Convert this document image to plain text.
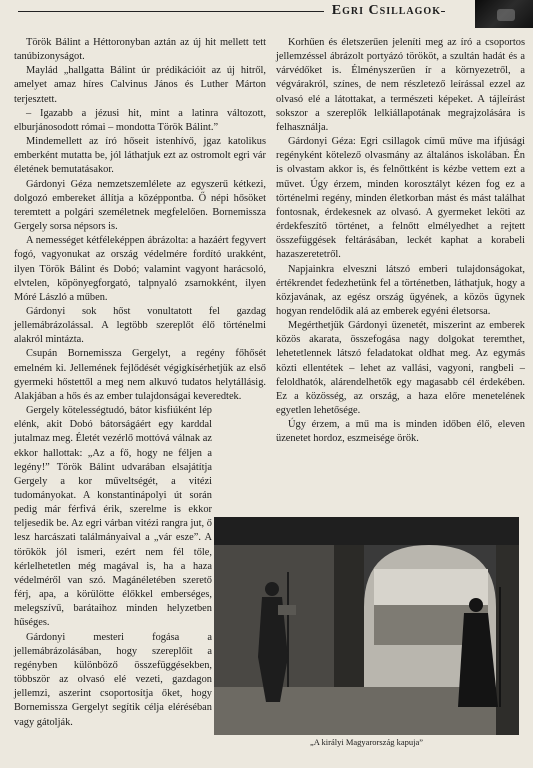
Egri Csillagok

Török Bálint a Héttoronyban aztán az új hit mellett tett tanúbizonyságot.

Maylád „hallgatta Bálint úr prédikációit az új hitről, amelyet amaz híres Calvinus János és Luther Márton terjesztett.

– Igazabb a jézusi hit, mint a latinra változott, elburjánosodott római – mondotta Török Bálint.”

Mindemellett az író hőseit istenhívő, jgaz katolikus emberként mutatta be, jól láthatjuk ezt az ostromolt egri vár életének bemutatásakor.

Gárdonyi Géza nemzetszemlélete az egyszerű kétkezi, dolgozó embereket állítja a középpontba. Ő népi hősöket teremtett a polgári személetnek megfelelően. Bornemissza Gergely sorsa népsors is.

A nemességet kétféleképpen ábrázolta: a hazáért fegyvert fogó, vagyonukat az ország védelmére fordító urakként, ilyen Török Bálint és Dobó; valamint vagyont harácsoló, elvtelen, köpönyegforgató, talpnyaló zsarnokként, ilyen Móré László a műben.

Gárdonyi sok hőst vonultatott fel gazdag jellemábrázolással. A legtöbb szereplőt élő történelmi alakról mintázta.

Csupán Bornemissza Gergelyt, a regény főhősét emelném ki. Jellemének fejlődését végigkísérhetjük az első gyermeki hőstettől a meg nem alkuvó tudatos helytállásig. Alakjában a hős és az ember tulajdonságai keveredtek.

Gergely kötelességtudó, bátor kisfiúként lép elénk, akit Dobó bátorságáért egy karddal jutalmaz meg. Életét vezérlő mottóvá válnak az ekkor hallottak: „Az a fő, hogy ne féljen a legény!” Török Bálint udvarában elsajátítja Gergely a kor műveltségét, a vitézi tudományokat. A konstantinápolyi út során pedig már férfivá érik, szerelme is ekkor teljesedik be. Az egri várban vitézi rangra jut, ő lesz harcászati találmányaival a „vár esze”. A törökök jól ismeri, ezért nem fél tőle, kérlelhetetlen még magával is, ha a haza védelméről van szó. Magánéletében szerető férj, apa, a körülötte élőkkel emberséges, melegszívű, barátaihoz minden helyzetben hűséges.

Gárdonyi mesteri fogása a jellemábrázolásában, hogy szereplőit a regényben különböző összefüggésekben, többször az olvasó elé vezeti, gazdagon jellemzi, aszerint csoportosítja őket, hogy Bornemissza Gergelyt segítik célja eléréséban vagy gátolják.

Korhűen és életszerűen jeleníti meg az író a csoportos jellemzéssel ábrázolt portyázó törököt, a szultán hadát és a várvédőket is. Élményszerűen ír a környezetről, a végvárakról, színes, de nem részletező leírással ezzel az olvasó elé a látottakat, a természeti képeket. A tájleírást sokszor a szereplők lelkiállapotának megrajzolására is felhasználja.

Gárdonyi Géza: Egri csillagok című műve ma ifjúsági regényként kötelező olvasmány az általános iskolában. Én is olvastam akkor is, és felnőttként is kézbe vettem ezt a művet. Úgy érzem, minden korosztályt kézen fog ez a történelmi regény, minden életkorban mást és mást találhat fontosnak, érdekesnek az olvasó. A gyermeket leköti az érdekfeszítő történet, a felnőtt elmélyedhet a rejtett összefüggések feltárásában, leckét kaphat a korabeli hazaszeretetről.

Napjainkra elveszni látszó emberi tulajdonságokat, értékrendet fedezhetünk fel a történetben, láthatjuk, hogy a közjavának, az egész ország ügyének, a közös ügynek hogyan rendelődik alá az emberek egyéni életsorsa.

Megérthetjük Gárdonyi üzenetét, miszerint az emberek közös akarata, összefogása nagy dolgokat teremthet, lehetetlennek látszó feladatokat oldhat meg. Az egymás közti ellentétek – lehet az vallási, vagyoni, rangbeli – feloldhatók, alárendelhetők egy magasabb cél érdekében. Ez a közösség, az ország, a haza előre menetelének egyetlen lehetősége.

Úgy érzem, a mű ma is minden időben élő, eleven üzenetet hordoz, eszmeisége örök.

„A királyi Magyarország kapuja”
